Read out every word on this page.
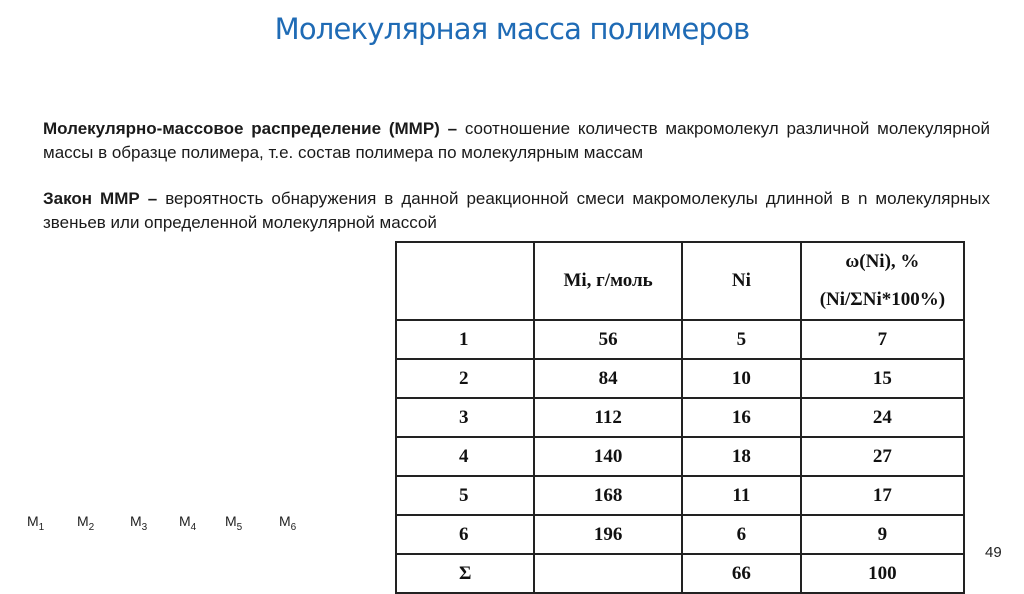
Молекулярная масса полимеров

Молекулярно-массовое распределение (ММР) – соотношение количеств макромолекул различной молекулярной массы в образце полимера, т.е. состав полимера по молекулярным массам

Закон ММР – вероятность обнаружения в данной реакционной смеси макромолекулы длинной в n молекулярных звеньев или определенной молекулярной массой

	Mi, г/моль	Ni	ω(Ni), %
(Ni/ΣNi*100%)

1	56	5	7
2	84	10	15
3	112	16	24
4	140	18	27
5	168	11	17
6	196	6	9
Σ		66	100
$M_1$ $M_2$	$M_3$ $M_4$ $M_5$	$M_6$
49
